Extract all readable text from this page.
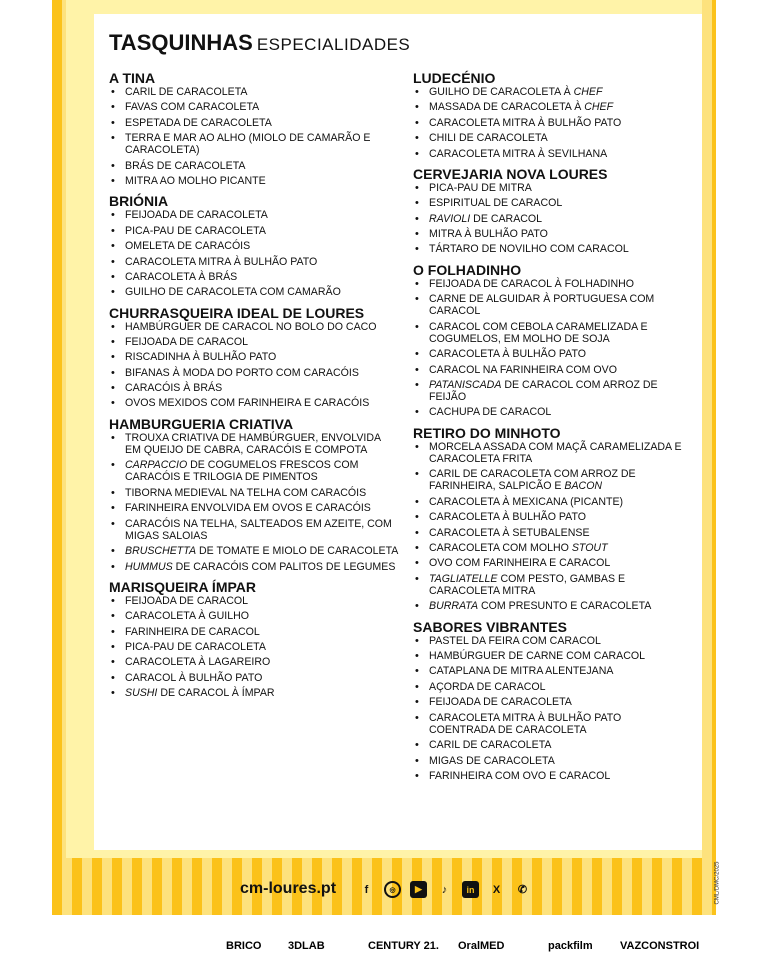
TASQUINHAS ESPECIALIDADES
A TINA
• CARIL DE CARACOLETA
• FAVAS COM CARACOLETA
• ESPETADA DE CARACOLETA
• TERRA E MAR AO ALHO (MIOLO DE CAMARÃO E CARACOLETA)
• BRÁS DE CARACOLETA
• MITRA AO MOLHO PICANTE
BRIÓNIA
• FEIJOADA DE CARACOLETA
• PICA-PAU DE CARACOLETA
• OMELETA DE CARACÓIS
• CARACOLETA MITRA À BULHÃO PATO
• CARACOLETA À BRÁS
• GUILHO DE CARACOLETA COM CAMARÃO
CHURRASQUEIRA IDEAL DE LOURES
• HAMBÚRGUER DE CARACOL NO BOLO DO CACO
• FEIJOADA DE CARACOL
• RISCADINHA À BULHÃO PATO
• BIFANAS À MODA DO PORTO COM CARACÓIS
• CARACÓIS À BRÁS
• OVOS MEXIDOS COM FARINHEIRA E CARACÓIS
HAMBURGUERIA CRIATIVA
• TROUXA CRIATIVA DE HAMBÚRGUER, ENVOLVIDA EM QUEIJO DE CABRA, CARACÓIS E COMPOTA
• CARPACCIO DE COGUMELOS FRESCOS COM CARACÓIS E TRILOGIA DE PIMENTOS
• TIBORNA MEDIEVAL NA TELHA COM CARACÓIS
• FARINHEIRA ENVOLVIDA EM OVOS E CARACÓIS
• CARACÓIS NA TELHA, SALTEADOS EM AZEITE, COM MIGAS SALOIAS
• BRUSCHETTA DE TOMATE E MIOLO DE CARACOLETA
• HUMMUS DE CARACÓIS COM PALITOS DE LEGUMES
MARISQUEIRA ÍMPAR
• FEIJOADA DE CARACOL
• CARACOLETA À GUILHO
• FARINHEIRA DE CARACOL
• PICA-PAU DE CARACOLETA
• CARACOLETA À LAGAREIRO
• CARACOL À BULHÃO PATO
• SUSHI DE CARACOL À ÍMPAR
LUDECÉNIO
• GUILHO DE CARACOLETA À CHEF
• MASSADA DE CARACOLETA À CHEF
• CARACOLETA MITRA À BULHÃO PATO
• CHILI DE CARACOLETA
• CARACOLETA MITRA À SEVILHANA
CERVEJARIA NOVA LOURES
• PICA-PAU DE MITRA
• ESPIRITUAL DE CARACOL
• RAVIOLI DE CARACOL
• MITRA À BULHÃO PATO
• TÁRTARO DE NOVILHO COM CARACOL
O FOLHADINHO
• FEIJOADA DE CARACOL À FOLHADINHO
• CARNE DE ALGUIDAR À PORTUGUESA COM CARACOL
• CARACOL COM CEBOLA CARAMELIZADA E COGUMELOS, EM MOLHO DE SOJA
• CARACOLETA À BULHÃO PATO
• CARACOL NA FARINHEIRA COM OVO
• PATANISCADA DE CARACOL COM ARROZ DE FEIJÃO
• CACHUPA DE CARACOL
RETIRO DO MINHOTO
• MORCELA ASSADA COM MAÇÃ CARAMELIZADA E CARACOLETA FRITA
• CARIL DE CARACOLETA COM ARROZ DE FARINHEIRA, SALPICÃO E BACON
• CARACOLETA À MEXICANA (PICANTE)
• CARACOLETA À BULHÃO PATO
• CARACOLETA À SETUBALENSE
• CARACOLETA COM MOLHO STOUT
• OVO COM FARINHEIRA E CARACOL
• TAGLIATELLE COM PESTO, GAMBAS E CARACOLETA MITRA
• BURRATA COM PRESUNTO E CARACOLETA
SABORES VIBRANTES
• PASTEL DA FEIRA COM CARACOL
• HAMBÚRGUER DE CARNE COM CARACOL
• CATAPLANA DE MITRA ALENTEJANA
• AÇORDA DE CARACOL
• FEIJOADA DE CARACOLETA
• CARACOLETA MITRA À BULHÃO PATO COENTRADA DE CARACOLETA
• CARIL DE CARACOLETA
• MIGAS DE CARACOLETA
• FARINHEIRA COM OVO E CARACOL
cm-loures.pt	f	◎	▶	♪	in	X	✆	CML/DMC/2025
BRICO 3DLAB	CENTURY 21. OralMED	packfilm VAZCONSTROI
